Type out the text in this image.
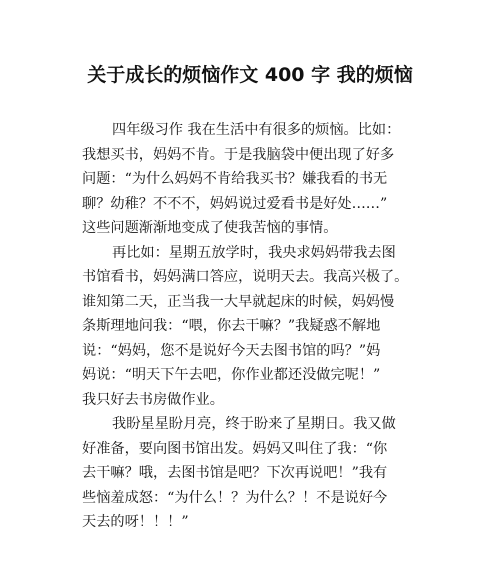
关于成长的烦恼作文 400 字 我的烦恼

四年级习作 我在生活中有很多的烦恼。比如：
我想买书，妈妈不肯。于是我脑袋中便出现了好多
问题：“为什么妈妈不肯给我买书？嫌我看的书无
聊？幼稚？不不不，妈妈说过爱看书是好处……”
这些问题渐渐地变成了使我苦恼的事情。

再比如：星期五放学时，我央求妈妈带我去图
书馆看书，妈妈满口答应，说明天去。我高兴极了。
谁知第二天，正当我一大早就起床的时候，妈妈慢
条斯理地问我：“喂，你去干嘛？”我疑惑不解地
说：“妈妈，您不是说好今天去图书馆的吗？”妈
妈说：“明天下午去吧，你作业都还没做完呢！”
我只好去书房做作业。

我盼星星盼月亮，终于盼来了星期日。我又做
好准备，要向图书馆出发。妈妈又叫住了我：“你
去干嘛？哦，去图书馆是吧？下次再说吧！”我有
些恼羞成怒：“为什么！？为什么？！不是说好今
天去的呀！！！”
